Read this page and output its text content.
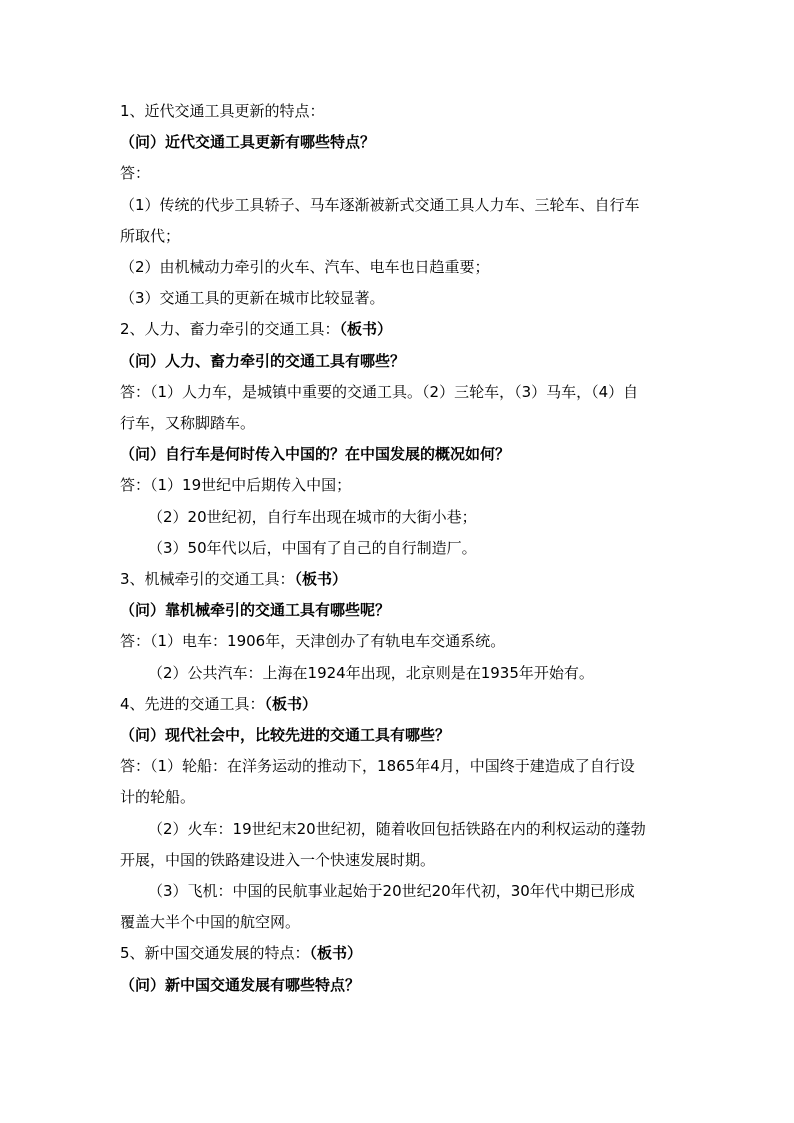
1、近代交通工具更新的特点：
（问）近代交通工具更新有哪些特点？
答：
（1）传统的代步工具轿子、马车逐渐被新式交通工具人力车、三轮车、自行车
所取代；
（2）由机械动力牵引的火车、汽车、电车也日趋重要；
（3）交通工具的更新在城市比较显著。
2、人力、畜力牵引的交通工具：（板书）
（问）人力、畜力牵引的交通工具有哪些？
答：（1）人力车，是城镇中重要的交通工具。（2）三轮车，（3）马车，（4）自
行车，又称脚踏车。
（问）自行车是何时传入中国的？在中国发展的概况如何？
答：（1）19世纪中后期传入中国；
（2）20世纪初，自行车出现在城市的大街小巷；
（3）50年代以后，中国有了自己的自行制造厂。
3、机械牵引的交通工具：（板书）
（问）靠机械牵引的交通工具有哪些呢？
答：（1）电车：1906年，天津创办了有轨电车交通系统。
（2）公共汽车：上海在1924年出现，北京则是在1935年开始有。
4、先进的交通工具：（板书）
（问）现代社会中，比较先进的交通工具有哪些？
答：（1）轮船：在洋务运动的推动下，1865年4月，中国终于建造成了自行设
计的轮船。
（2）火车：19世纪末20世纪初，随着收回包括铁路在内的利权运动的蓬勃
开展，中国的铁路建设进入一个快速发展时期。
（3）飞机：中国的民航事业起始于20世纪20年代初，30年代中期已形成
覆盖大半个中国的航空网。
5、新中国交通发展的特点：（板书）
（问）新中国交通发展有哪些特点？
